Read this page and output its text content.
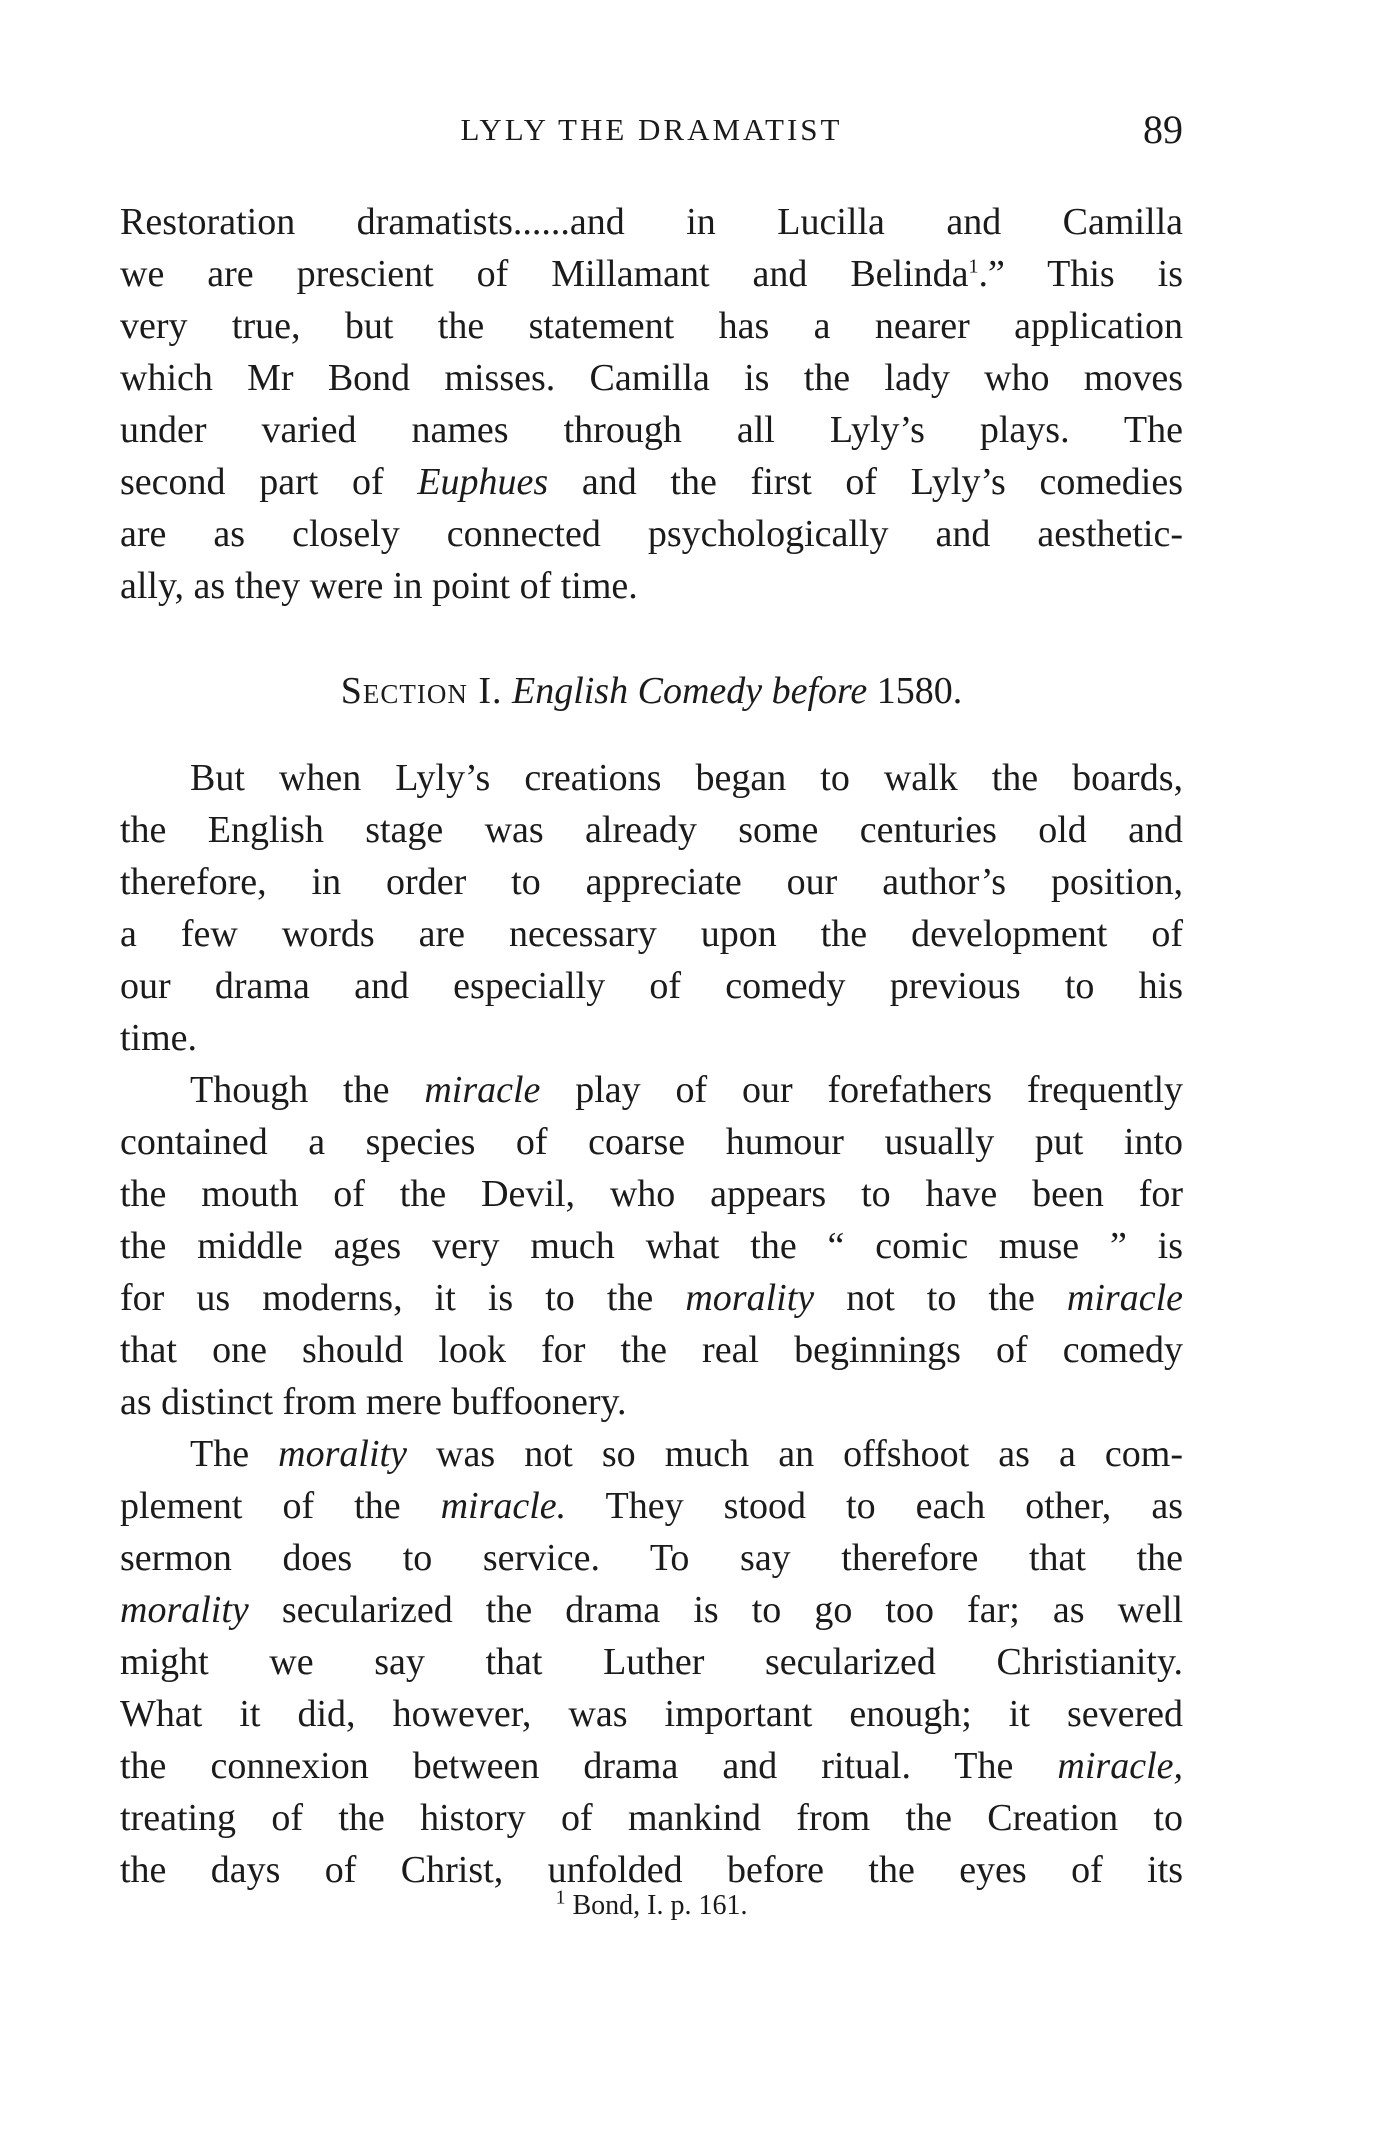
LYLY THE DRAMATIST	89
Restoration dramatists......and in Lucilla and Camilla
we are prescient of Millamant and Belinda$^1$.” This is
very true, but the statement has a nearer application
which Mr Bond misses. Camilla is the lady who moves
under varied names through all Lyly’s plays. The
second part of Euphues and the first of Lyly’s comedies
are as closely connected psychologically and aesthetic-
ally, as they were in point of time.
Section I. English Comedy before 1580.
But when Lyly’s creations began to walk the boards,
the English stage was already some centuries old and
therefore, in order to appreciate our author’s position,
a few words are necessary upon the development of
our drama and especially of comedy previous to his
time.
Though the miracle play of our forefathers frequently
contained a species of coarse humour usually put into
the mouth of the Devil, who appears to have been for
the middle ages very much what the “ comic muse ” is
for us moderns, it is to the morality not to the miracle
that one should look for the real beginnings of comedy
as distinct from mere buffoonery.
The morality was not so much an offshoot as a com-
plement of the miracle. They stood to each other, as
sermon does to service. To say therefore that the
morality secularized the drama is to go too far; as well
might we say that Luther secularized Christianity.
What it did, however, was important enough; it severed
the connexion between drama and ritual. The miracle,
treating of the history of mankind from the Creation to
the days of Christ, unfolded before the eyes of its
$^1$ Bond, I. p. 161.
